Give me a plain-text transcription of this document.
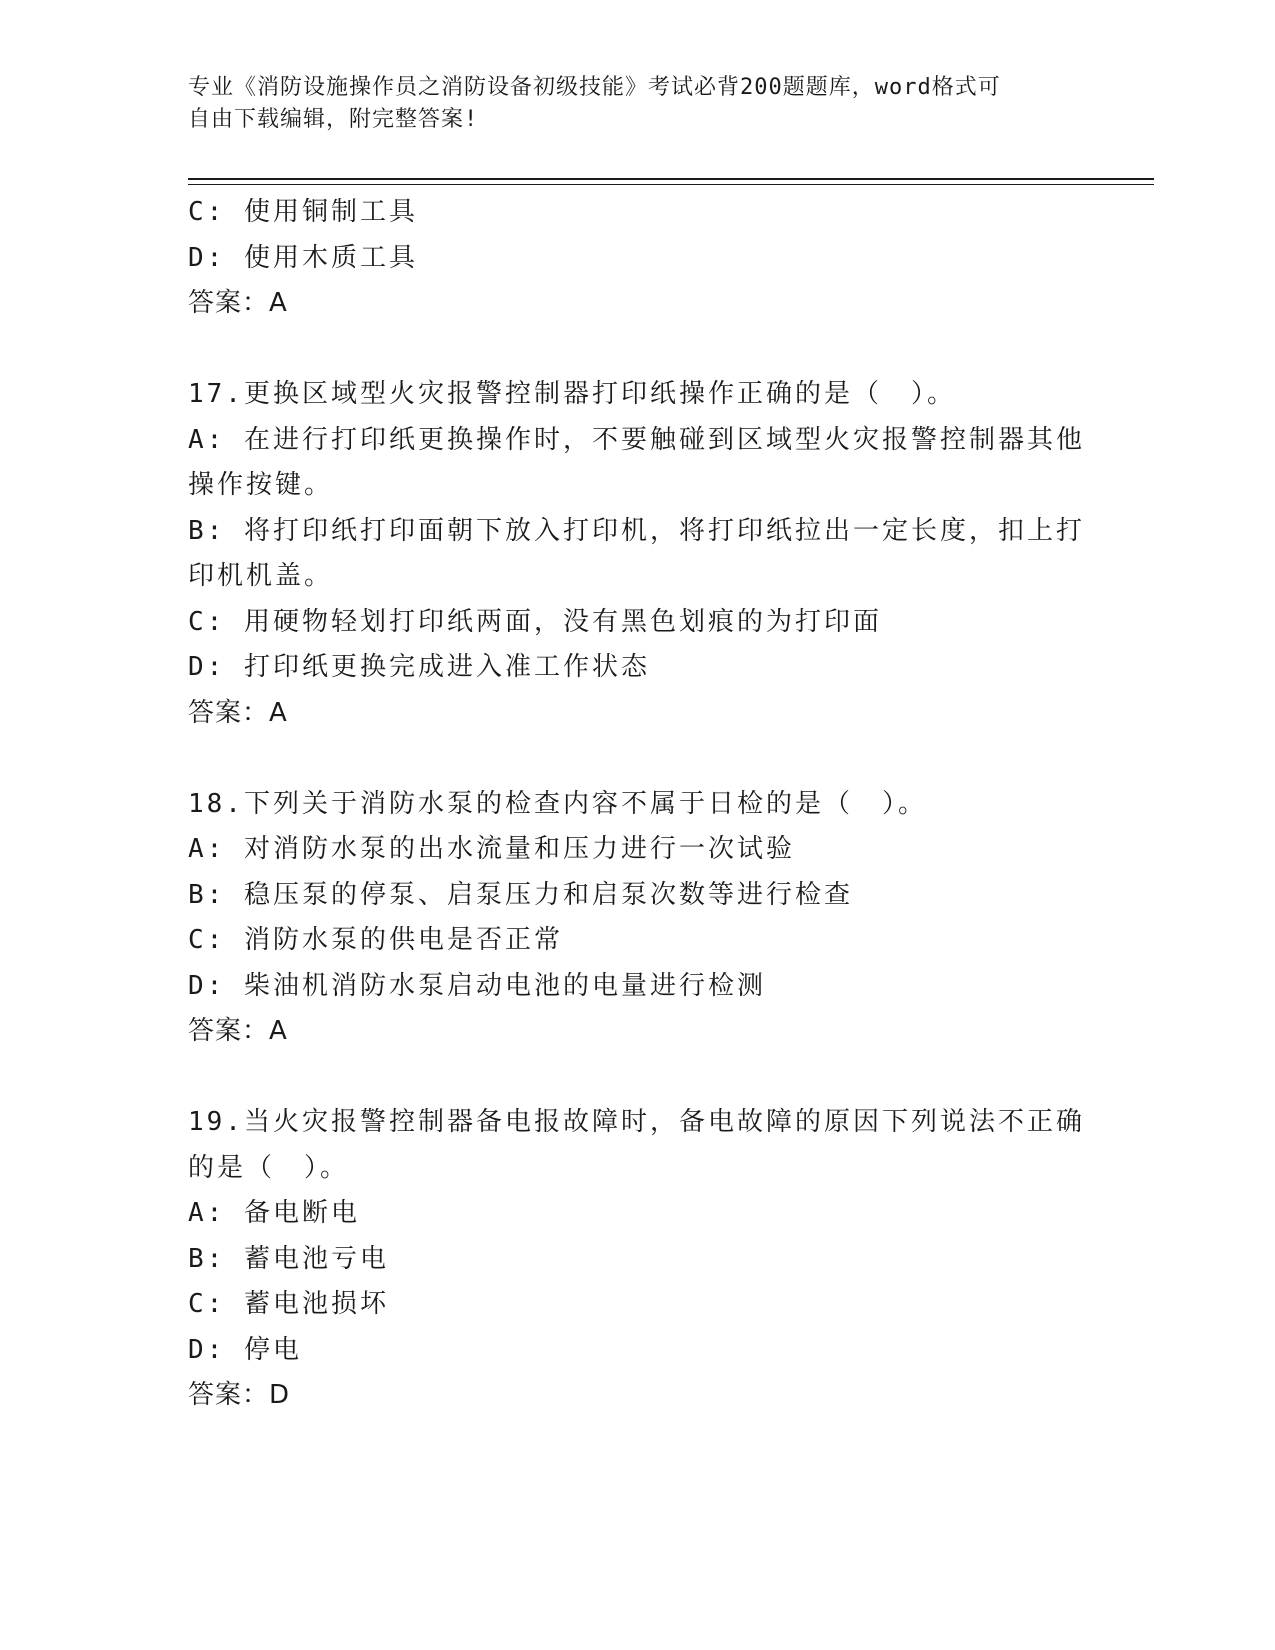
专业《消防设施操作员之消防设备初级技能》考试必背200题题库，word格式可

自由下载编辑，附完整答案!

C: 使用铜制工具

D: 使用木质工具

答案：A

17.更换区域型火灾报警控制器打印纸操作正确的是（　）。

A: 在进行打印纸更换操作时，不要触碰到区域型火灾报警控制器其他

操作按键。

B: 将打印纸打印面朝下放入打印机，将打印纸拉出一定长度，扣上打

印机机盖。

C: 用硬物轻划打印纸两面，没有黑色划痕的为打印面

D: 打印纸更换完成进入准工作状态

答案：A

18.下列关于消防水泵的检查内容不属于日检的是（　）。

A: 对消防水泵的出水流量和压力进行一次试验

B: 稳压泵的停泵、启泵压力和启泵次数等进行检查

C: 消防水泵的供电是否正常

D: 柴油机消防水泵启动电池的电量进行检测

答案：A

19.当火灾报警控制器备电报故障时，备电故障的原因下列说法不正确

的是（　）。

A: 备电断电

B: 蓄电池亏电

C: 蓄电池损坏

D: 停电

答案：D
